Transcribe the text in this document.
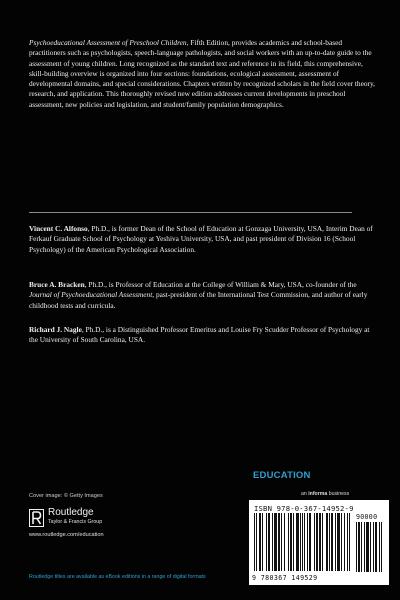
Psychoeducational Assessment of Preschool Children, Fifth Edition, provides academics and school-based practitioners such as psychologists, speech-language pathologists, and social workers with an up-to-date guide to the assessment of young children. Long recognized as the standard text and reference in its field, this comprehensive, skill-building overview is organized into four sections: foundations, ecological assessment, assessment of developmental domains, and special considerations. Chapters written by recognized scholars in the field cover theory, research, and application. This thoroughly revised new edition addresses current developments in preschool assessment, new policies and legislation, and student/family population demographics.

Vincent C. Alfonso, Ph.D., is former Dean of the School of Education at Gonzaga University, USA, Interim Dean of Ferkauf Graduate School of Psychology at Yeshiva University, USA, and past president of Division 16 (School Psychology) of the American Psychological Association.

Bruce A. Bracken, Ph.D., is Professor of Education at the College of William & Mary, USA, co-founder of the Journal of Psychoeducational Assessment, past-president of the International Test Commission, and author of early childhood tests and curricula.

Richard J. Nagle, Ph.D., is a Distinguished Professor Emeritus and Louise Fry Scudder Professor of Psychology at the University of South Carolina, USA.

EDUCATION
an informa business
ISBN 978-0-367-14952-9
90000
9 780367 149529
Cover image: © Getty Images
Routledge
Taylor & Francis Group
www.routledge.com/education
Routledge titles are available as eBook editions in a range of digital formats
